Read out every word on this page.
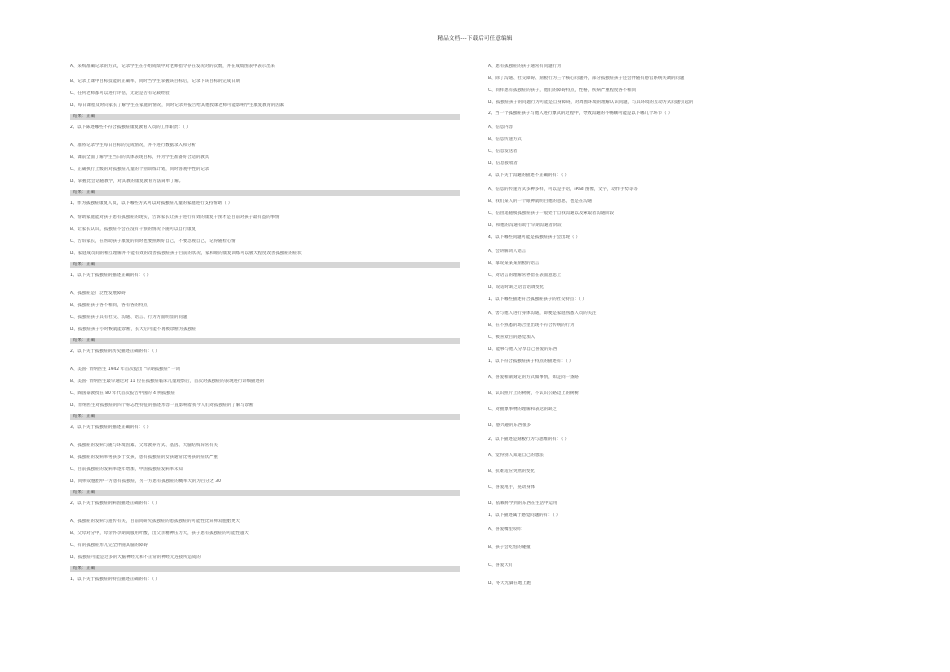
精品文档---下载后可任意编辑
A、采购准确记录的方式，记录学生在小组成绩中对老师指令存在发况对的次数，并在成绩图表中表示出来
B、记录上课中目标技能的正确率，同时当学生掌握该目标后，记录下该目标的完成日期
C、任何老师都可以进行评估，无论是否有记载经验
D、每日课程及时向家长了解学生在家庭的情况，同时记录并报告给其他授课老师可能影响学生康复教育的因素
结果：正确
● 2、以下陈述哪些不符合孤独症康复教育人员的工作职责：（ ）
A、准将记录学生每日目标的完成情况，并不进行数据录入和分析
B、课前全面了解学生当日的具体表现目标，并为学生准备好合适的教具
C、正确执行上级的对孤独症儿童的个别训练计划，同时客观中性的记录
D、掌握比会话随教学，对其教的康复教育方法简单了解。
结果：正确
● 1、作为孤独症康复人员，以下哪些方式可以对孤独症儿童的家庭进行支持帮助（ ）
A、帮助家庭能对孩子患有孤独症的现实，告诉家长让孩子进行有效的康复干预才是目前对孩子最有益的事情
B、让家长认识，孤独症不会在没有干预的情况下随可以自行康复
C、告诉家长，在帮助孩子康复的同时也要照顾好自己，不要忽视自己，记得随检心情
D、家庭成员间的相互理解并不能有效的改善孤独症孩子目前的状况，家和睦的康复训练可以极大程度改善孤独症的症状
结果：正确
● 1、以下关于孤独症的描述正确的有：（ ）
A、孤独症是广泛性发展障碍
B、孤独症孩子各不相同，各有各的特点
C、孤独症孩子其有社交、沟通、语言、行为方面明显的问题
D、孤独症孩子小时候就能诊断，长大后可能不再被诊断为孤独症
结果：正确
● 2、以下关于孤独症的历史描述正确的有：（ ）
A、美国· 肯纳医生 1942 年首次提出 "早期孤独症" 一词
B、美国· 肯纳医生最早通过对 11 位在孤独症临床儿童观察后，首次对孤独症的表现进行详细描述的
C、陶国泰教授在 80 年代首次报告中国的 4 例孤独症
D、肯纳医生对孤独症的四个标志性特征的描述形容一直影响着我今人们对孤独症的了解与诊断
结果：正确
● 3、以下关于孤独症的描述正确的有：（ ）
A、孤独症的发病与随与环境因素、父母教养方式、基因、大脑结构异常有关
B、孤独症的发病率男孩多于女孩，患有孤独症的女孩通常比男孩的症状严重
C、目前孤独症的发病率逐年增加，中国孤独症发病率未知
D、同卵双胞胎中一方患有孤独症，另一方患有孤独症的概率大的为百分之 30
结果：正确
● 2、以下关于孤独症的病因描述正确的有：（ ）
A、孤独症的发病与遗传有关，目前同研究孤独症的患孤独症的可能性比异卵双胞胎更大
B、父母对分中，母亲怀孕期间服用叶酸，出父亲精神压力大，孩子患有孤独症的可能性越大
C、有的孤独症形儿完全伴随其脑的障碍
D、孤独症可能是过多的大脑神经元和不正常的神经元连接所造成的
结果：正确
1、以下关于孤独症的特点描述正确的有：（ ）
A、患有孤独症的孩子通常有问题行为
B、除了沟通、社交障碍、刻板行为三个核心问题外，部分孤独症孩子还会伴随有感官系统失调的问题
C、同样患有孤独症的孩子，他们的障碍特点，性格，疾病严重程度各不相同
D、孤独症孩子的问题行为可能是自身障碍，对周围环境的理解认识问题，与其环境的互动方式问题引起的
2、当一个孤独症孩子与他人进行象式的过程中，导致沟通的不畅顺可能是以下哪几个环节（ ）
A、信息内容
B、信息传递方式
C、信息发送者
D、信息接收者
3、以下关于沟通的描述不正确的有：（ ）
A、信息的传递方式多种多样，可以是手语，iPad 图像，文字，动作手势等等
B、我们某人的一个眼神就明白他的意思，也是在沟通
C、信由追随模孤独症孩子一般处于自我沟通以及索取者沟通阶段
D、和他的沟通有助于早期沟通者阶段
4、以下哪些问题可能是孤独症孩子会出现（ ）
A、会讲解词人语言
B、靠说某某某刻板的语言
C、对语言的理解常停留在表面意思上
D、说话时缺乏语音语调变化
1、以下哪些描述符合孤独症孩子的社交特点：（ ）
A、害与他人进行身体沟通，即便是家庭熟悉人员的关注
B、在不熟悉的场合里出现不符合传统的行为
C、被喜欢目的感觉加入
D、能够与他人分享自己喜爱的东西
1、以下符合孤独症孩子特点的描述有：（ ）
A、喜爱相制刻定的方式做事情，如走同一条路
B、认识照片上的树树，不认识公路边上的树树
C、对抽象事物的理解和表达的缺乏
D、感兴趣的东西很多
2、以下描述是刻板行为与思维的有：（ ）
A、觉得别人知道自己的想法
B、抗难适应突然的变化
C、喜爱甩手，晃动身体
D、依赖将学到的东西在生活中运用
1、以下描述属于感觉问题的有：（ ）
A、喜爱嘴里咬咔
B、孩子会吃怕的碰撞
C、喜爱天钉
D、冬天光脚在地上跑
